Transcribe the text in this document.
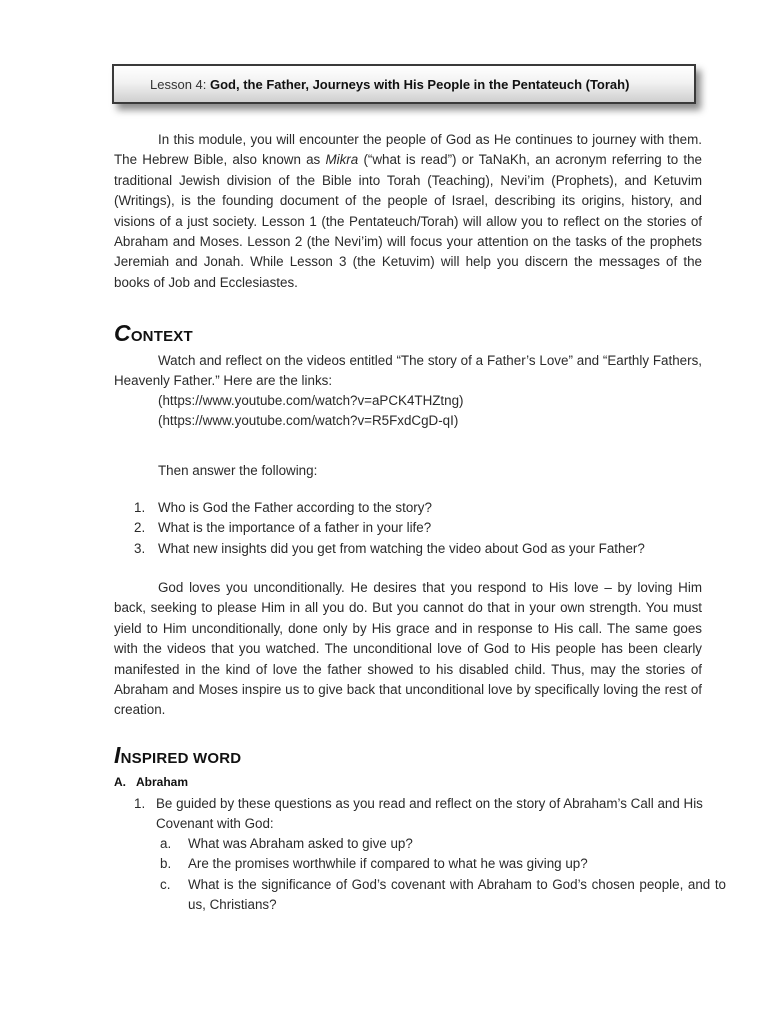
Lesson 4: God, the Father, Journeys with His People in the Pentateuch (Torah)
In this module, you will encounter the people of God as He continues to journey with them. The Hebrew Bible, also known as Mikra (“what is read”) or TaNaKh, an acronym referring to the traditional Jewish division of the Bible into Torah (Teaching), Nevi’im (Prophets), and Ketuvim (Writings), is the founding document of the people of Israel, describing its origins, history, and visions of a just society. Lesson 1 (the Pentateuch/Torah) will allow you to reflect on the stories of Abraham and Moses. Lesson 2 (the Nevi’im) will focus your attention on the tasks of the prophets Jeremiah and Jonah. While Lesson 3 (the Ketuvim) will help you discern the messages of the books of Job and Ecclesiastes.
CONTEXT
Watch and reflect on the videos entitled “The story of a Father’s Love” and “Earthly Fathers, Heavenly Father.” Here are the links:
(https://www.youtube.com/watch?v=aPCK4THZtng)
(https://www.youtube.com/watch?v=R5FxdCgD-qI)
Then answer the following:
1. Who is God the Father according to the story?
2. What is the importance of a father in your life?
3. What new insights did you get from watching the video about God as your Father?
God loves you unconditionally. He desires that you respond to His love – by loving Him back, seeking to please Him in all you do. But you cannot do that in your own strength. You must yield to Him unconditionally, done only by His grace and in response to His call. The same goes with the videos that you watched. The unconditional love of God to His people has been clearly manifested in the kind of love the father showed to his disabled child. Thus, may the stories of Abraham and Moses inspire us to give back that unconditional love by specifically loving the rest of creation.
INSPIRED WORD
A. Abraham
1. Be guided by these questions as you read and reflect on the story of Abraham’s Call and His Covenant with God:
a. What was Abraham asked to give up?
b. Are the promises worthwhile if compared to what he was giving up?
c. What is the significance of God’s covenant with Abraham to God’s chosen people, and to us, Christians?
